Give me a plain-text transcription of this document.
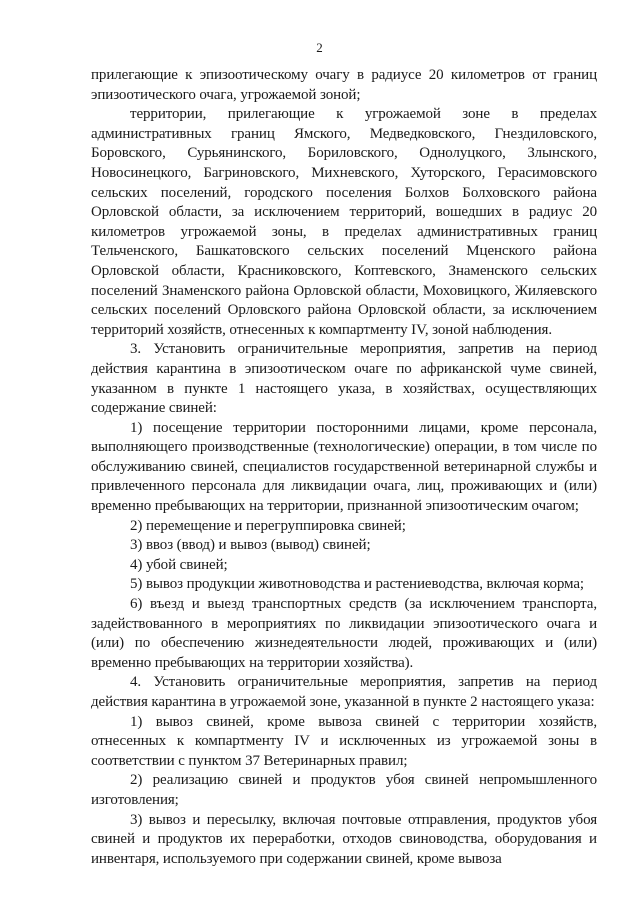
2

прилегающие к эпизоотическому очагу в радиусе 20 километров от границ эпизоотического очага, угрожаемой зоной;

территории, прилегающие к угрожаемой зоне в пределах административных границ Ямского, Медведковского, Гнездиловского, Боровского, Сурьянинского, Бориловского, Однолуцкого, Злынского, Новосинецкого, Багриновского, Михневского, Хуторского, Герасимовского сельских поселений, городского поселения Болхов Болховского района Орловской области, за исключением территорий, вошедших в радиус 20 километров угрожаемой зоны, в пределах административных границ Тельченского, Башкатовского сельских поселений Мценского района Орловской области, Красниковского, Коптевского, Знаменского сельских поселений Знаменского района Орловской области, Моховицкого, Жиляевского сельских поселений Орловского района Орловской области, за исключением территорий хозяйств, отнесенных к компартменту IV, зоной наблюдения.

3. Установить ограничительные мероприятия, запретив на период действия карантина в эпизоотическом очаге по африканской чуме свиней, указанном в пункте 1 настоящего указа, в хозяйствах, осуществляющих содержание свиней:

1) посещение территории посторонними лицами, кроме персонала, выполняющего производственные (технологические) операции, в том числе по обслуживанию свиней, специалистов государственной ветеринарной службы и привлеченного персонала для ликвидации очага, лиц, проживающих и (или) временно пребывающих на территории, признанной эпизоотическим очагом;

2) перемещение и перегруппировка свиней;

3) ввоз (ввод) и вывоз (вывод) свиней;

4) убой свиней;

5) вывоз продукции животноводства и растениеводства, включая корма;

6) въезд и выезд транспортных средств (за исключением транспорта, задействованного в мероприятиях по ликвидации эпизоотического очага и (или) по обеспечению жизнедеятельности людей, проживающих и (или) временно пребывающих на территории хозяйства).

4. Установить ограничительные мероприятия, запретив на период действия карантина в угрожаемой зоне, указанной в пункте 2 настоящего указа:

1) вывоз свиней, кроме вывоза свиней с территории хозяйств, отнесенных к компартменту IV и исключенных из угрожаемой зоны в соответствии с пунктом 37 Ветеринарных правил;

2) реализацию свиней и продуктов убоя свиней непромышленного изготовления;

3) вывоз и пересылку, включая почтовые отправления, продуктов убоя свиней и продуктов их переработки, отходов свиноводства, оборудования и инвентаря, используемого при содержании свиней, кроме вывоза
